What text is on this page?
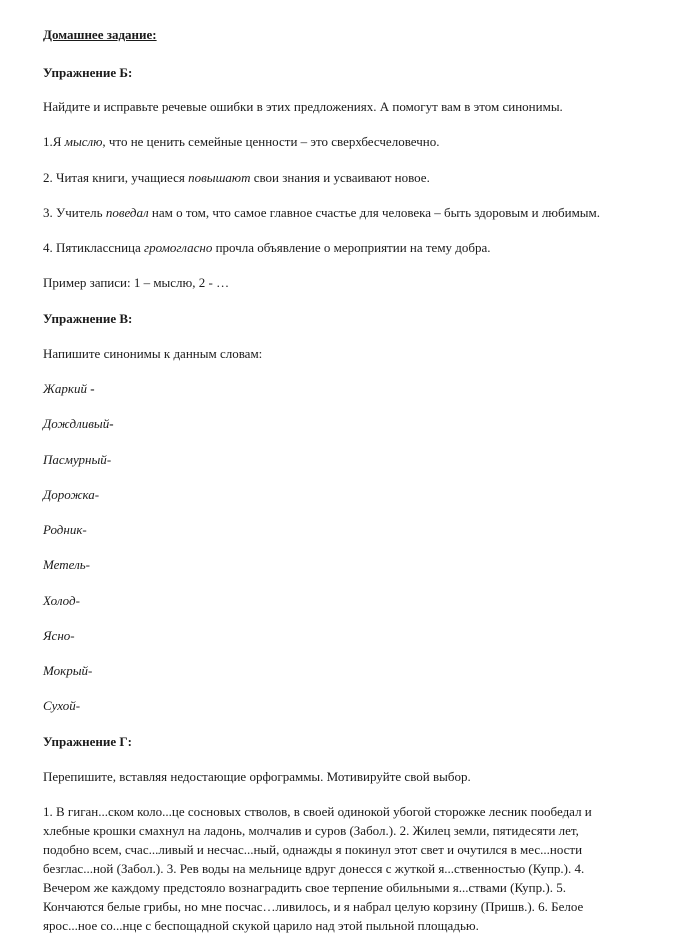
Домашнее задание:
Упражнение Б:
Найдите и исправьте речевые ошибки в этих предложениях. А помогут вам в этом синонимы.
1.Я мыслю, что не ценить семейные ценности – это сверхбесчеловечно.
2. Читая книги, учащиеся повышают свои знания и усваивают новое.
3. Учитель поведал нам о том, что самое главное счастье для человека – быть здоровым и любимым.
4. Пятиклассница громогласно прочла объявление о мероприятии на тему добра.
Пример записи: 1 – мыслю, 2 - …
Упражнение В:
Напишите синонимы к данным словам:
Жаркий -
Дождливый-
Пасмурный-
Дорожка-
Родник-
Метель-
Холод-
Ясно-
Мокрый-
Сухой-
Упражнение Г:
Перепишите, вставляя недостающие орфограммы. Мотивируйте свой выбор.
1. В гиган...ском коло...це сосновых стволов, в своей одинокой убогой сторожке лесник пообедал и
хлебные крошки смахнул на ладонь, молчалив и суров (Забол.). 2. Жилец земли, пятидесяти лет,
подобно всем, счас...ливый и несчас...ный, однажды я покинул этот свет и очутился в мес...ности
безглас...ной (Забол.). 3. Рев воды на мельнице вдруг донесся с жуткой я...ственностью (Купр.). 4.
Вечером же каждому предстояло вознаградить свое терпение обильными я...ствами (Купр.). 5.
Кончаются белые грибы, но мне посчас…ливилось, и я набрал целую корзину (Пришв.). 6. Белое
ярос...ное со...нце с беспощадной скукой царило над этой пыльной площадью.
